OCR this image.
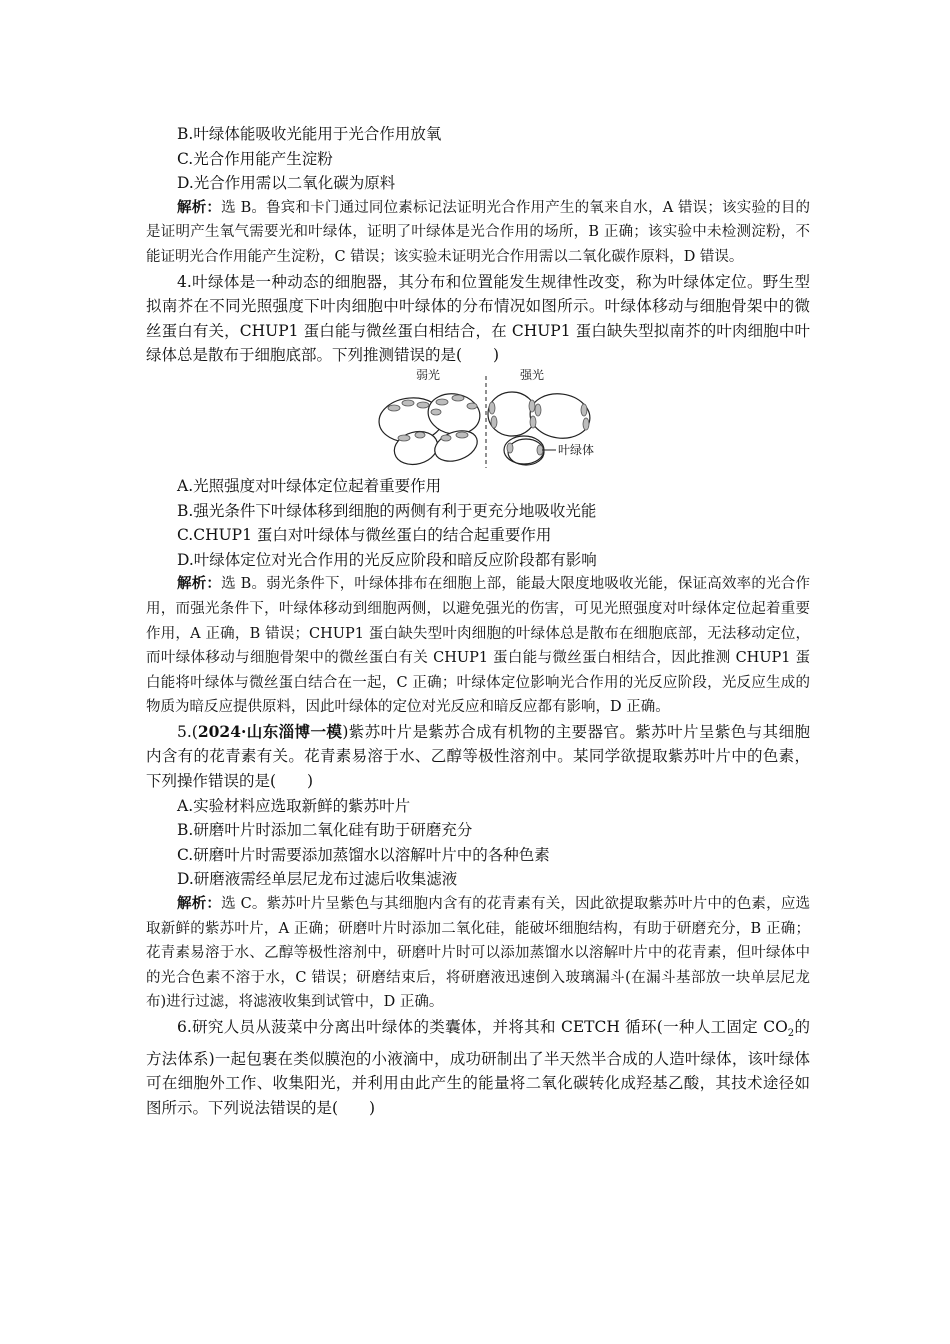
B.叶绿体能吸收光能用于光合作用放氧
C.光合作用能产生淀粉
D.光合作用需以二氧化碳为原料

解析：选 B。鲁宾和卡门通过同位素标记法证明光合作用产生的氧来自水，A 错误；该实验的目的是证明产生氧气需要光和叶绿体，证明了叶绿体是光合作用的场所，B 正确；该实验中未检测淀粉，不能证明光合作用能产生淀粉，C 错误；该实验未证明光合作用需以二氧化碳作原料，D 错误。

4.叶绿体是一种动态的细胞器，其分布和位置能发生规律性改变，称为叶绿体定位。野生型拟南芥在不同光照强度下叶肉细胞中叶绿体的分布情况如图所示。叶绿体移动与细胞骨架中的微丝蛋白有关，CHUP1 蛋白能与微丝蛋白相结合，在 CHUP1 蛋白缺失型拟南芥的叶肉细胞中叶绿体总是散布于细胞底部。下列推测错误的是(　　)

弱光	强光
叶绿体
A.光照强度对叶绿体定位起着重要作用
B.强光条件下叶绿体移到细胞的两侧有利于更充分地吸收光能
C.CHUP1 蛋白对叶绿体与微丝蛋白的结合起重要作用
D.叶绿体定位对光合作用的光反应阶段和暗反应阶段都有影响

解析：选 B。弱光条件下，叶绿体排布在细胞上部，能最大限度地吸收光能，保证高效率的光合作用，而强光条件下，叶绿体移动到细胞两侧，以避免强光的伤害，可见光照强度对叶绿体定位起着重要作用，A 正确，B 错误；CHUP1 蛋白缺失型叶肉细胞的叶绿体总是散布在细胞底部，无法移动定位，而叶绿体移动与细胞骨架中的微丝蛋白有关 CHUP1 蛋白能与微丝蛋白相结合，因此推测 CHUP1 蛋白能将叶绿体与微丝蛋白结合在一起，C 正确；叶绿体定位影响光合作用的光反应阶段，光反应生成的物质为暗反应提供原料，因此叶绿体的定位对光反应和暗反应都有影响，D 正确。

5.(2024·山东淄博一模)紫苏叶片是紫苏合成有机物的主要器官。紫苏叶片呈紫色与其细胞内含有的花青素有关。花青素易溶于水、乙醇等极性溶剂中。某同学欲提取紫苏叶片中的色素，下列操作错误的是(　　)

A.实验材料应选取新鲜的紫苏叶片
B.研磨叶片时添加二氧化硅有助于研磨充分
C.研磨叶片时需要添加蒸馏水以溶解叶片中的各种色素
D.研磨液需经单层尼龙布过滤后收集滤液

解析：选 C。紫苏叶片呈紫色与其细胞内含有的花青素有关，因此欲提取紫苏叶片中的色素，应选取新鲜的紫苏叶片，A 正确；研磨叶片时添加二氧化硅，能破坏细胞结构，有助于研磨充分，B 正确；花青素易溶于水、乙醇等极性溶剂中，研磨叶片时可以添加蒸馏水以溶解叶片中的花青素，但叶绿体中的光合色素不溶于水，C 错误；研磨结束后，将研磨液迅速倒入玻璃漏斗(在漏斗基部放一块单层尼龙布)进行过滤，将滤液收集到试管中，D 正确。

6.研究人员从菠菜中分离出叶绿体的类囊体，并将其和 CETCH 循环(一种人工固定 $CO_2$的方法体系)一起包裹在类似膜泡的小液滴中，成功研制出了半天然半合成的人造叶绿体，该叶绿体可在细胞外工作、收集阳光，并利用由此产生的能量将二氧化碳转化成羟基乙酸，其技术途径如图所示。下列说法错误的是(　　)
